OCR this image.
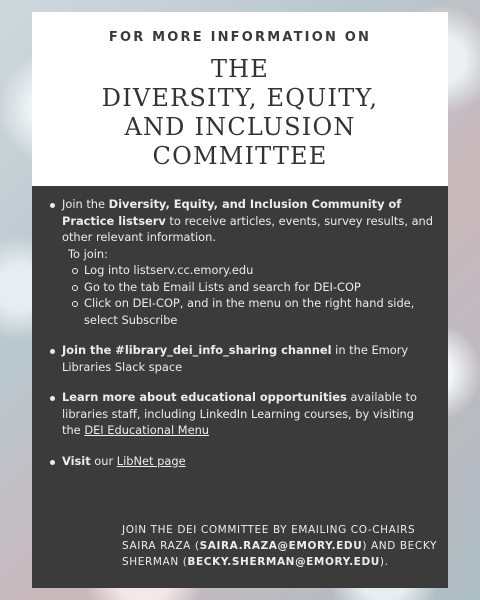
FOR MORE INFORMATION ON
THE
DIVERSITY, EQUITY,
AND INCLUSION
COMMITTEE
Join the Diversity, Equity, and Inclusion Community of Practice listserv to receive articles, events, survey results, and other relevant information.
To join:
Log into listserv.cc.emory.edu
Go to the tab Email Lists and search for DEI-COP
Click on DEI-COP, and in the menu on the right hand side, select Subscribe
Join the #library_dei_info_sharing channel in the Emory Libraries Slack space
Learn more about educational opportunities available to libraries staff, including LinkedIn Learning courses, by visiting the DEI Educational Menu
Visit our LibNet page
JOIN THE DEI COMMITTEE BY EMAILING CO-CHAIRS SAIRA RAZA (SAIRA.RAZA@EMORY.EDU) AND BECKY SHERMAN (BECKY.SHERMAN@EMORY.EDU).
